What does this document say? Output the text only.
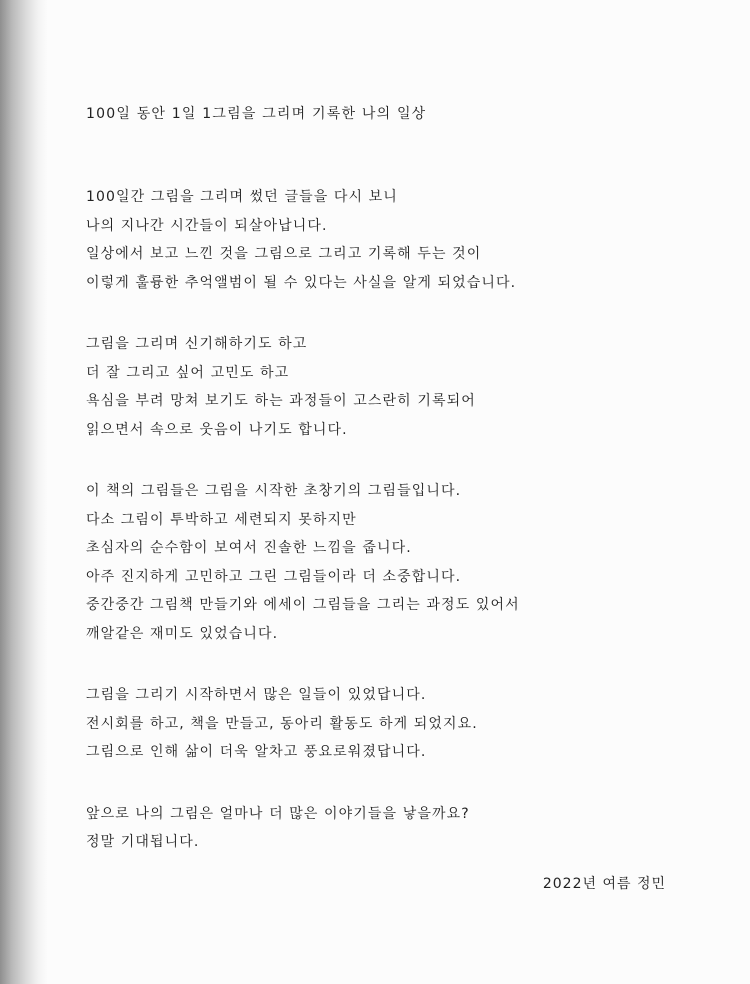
100일 동안 1일 1그림을 그리며 기록한 나의 일상
100일간 그림을 그리며 썼던 글들을 다시 보니
나의 지나간 시간들이 되살아납니다.
일상에서 보고 느낀 것을 그림으로 그리고 기록해 두는 것이
이렇게 훌륭한 추억앨범이 될 수 있다는 사실을 알게 되었습니다.
그림을 그리며 신기해하기도 하고
더 잘 그리고 싶어 고민도 하고
욕심을 부려 망쳐 보기도 하는 과정들이 고스란히 기록되어
읽으면서 속으로 웃음이 나기도 합니다.
이 책의 그림들은 그림을 시작한 초창기의 그림들입니다.
다소 그림이 투박하고 세련되지 못하지만
초심자의 순수함이 보여서 진솔한 느낌을 줍니다.
아주 진지하게 고민하고 그린 그림들이라 더 소중합니다.
중간중간 그림책 만들기와 에세이 그림들을 그리는 과정도 있어서
깨알같은 재미도 있었습니다.
그림을 그리기 시작하면서 많은 일들이 있었답니다.
전시회를 하고, 책을 만들고, 동아리 활동도 하게 되었지요.
그림으로 인해 삶이 더욱 알차고 풍요로워졌답니다.
앞으로 나의 그림은 얼마나 더 많은 이야기들을 낳을까요?
정말 기대됩니다.
2022년 여름 정민
